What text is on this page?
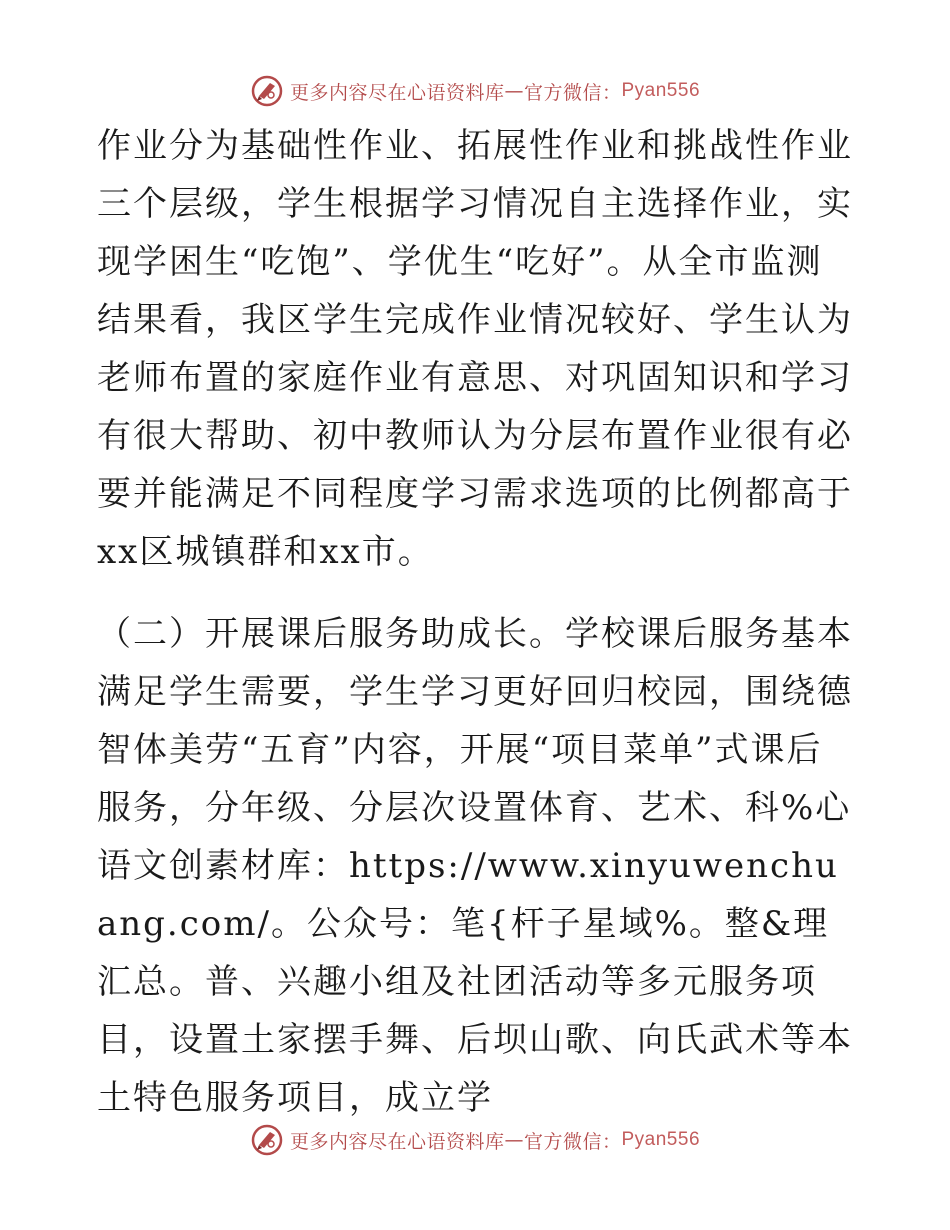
更多内容尽在心语资料库 — 官方微信： Pyan556

作业分为基础性作业、拓展性作业和挑战性作业三个层级，学生根据学习情况自主选择作业，实现学困生“吃饱”、学优生“吃好”。从全市监测结果看，我区学生完成作业情况较好、学生认为老师布置的家庭作业有意思、对巩固知识和学习有很大帮助、初中教师认为分层布置作业很有必要并能满足不同程度学习需求选项的比例都高于xx区城镇群和xx市。

（二）开展课后服务助成长。学校课后服务基本满足学生需要，学生学习更好回归校园，围绕德智体美劳“五育”内容，开展“项目菜单”式课后服务，分年级、分层次设置体育、艺术、科%心语文创素材库：https://www.xinyuwenchuang.com/。公众号：笔{杆子星域%。整&理汇总。普、兴趣小组及社团活动等多元服务项目，设置土家摆手舞、后坝山歌、向氏武术等本土特色服务项目，成立学

更多内容尽在心语资料库 — 官方微信： Pyan556
